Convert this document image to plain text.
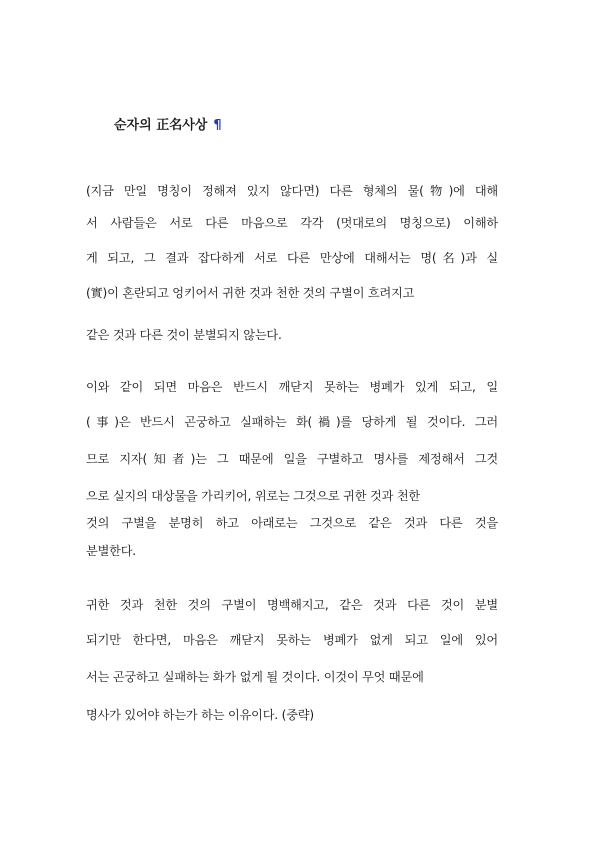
순자의 正名사상 ¶
(지금 만일 명칭이 정해져 있지 않다면) 다른 형체의 물(物)에 대해
서 사람들은 서로 다른 마음으로 각각 (멋대로의 명칭으로) 이해하
게 되고, 그 결과 잡다하게 서로 다른 만상에 대해서는 명(名)과 실
(實)이 혼란되고 엉키어서 귀한 것과 천한 것의 구별이 흐려지고
같은 것과 다른 것이 분별되지 않는다.
이와 같이 되면 마음은 반드시 깨닫지 못하는 병폐가 있게 되고, 일
(事)은 반드시 곤궁하고 실패하는 화(禍)를 당하게 될 것이다. 그러
므로 지자(知者)는 그 때문에 일을 구별하고 명사를 제정해서 그것
으로 실지의 대상물을 가리키어, 위로는 그것으로 귀한 것과 천한
것의 구별을 분명히 하고 아래로는 그것으로 같은 것과 다른 것을
분별한다.
귀한 것과 천한 것의 구별이 명백해지고, 같은 것과 다른 것이 분별
되기만 한다면, 마음은 깨닫지 못하는 병폐가 없게 되고 일에 있어
서는 곤궁하고 실패하는 화가 없게 될 것이다. 이것이 무엇 때문에
명사가 있어야 하는가 하는 이유이다. (중략)
